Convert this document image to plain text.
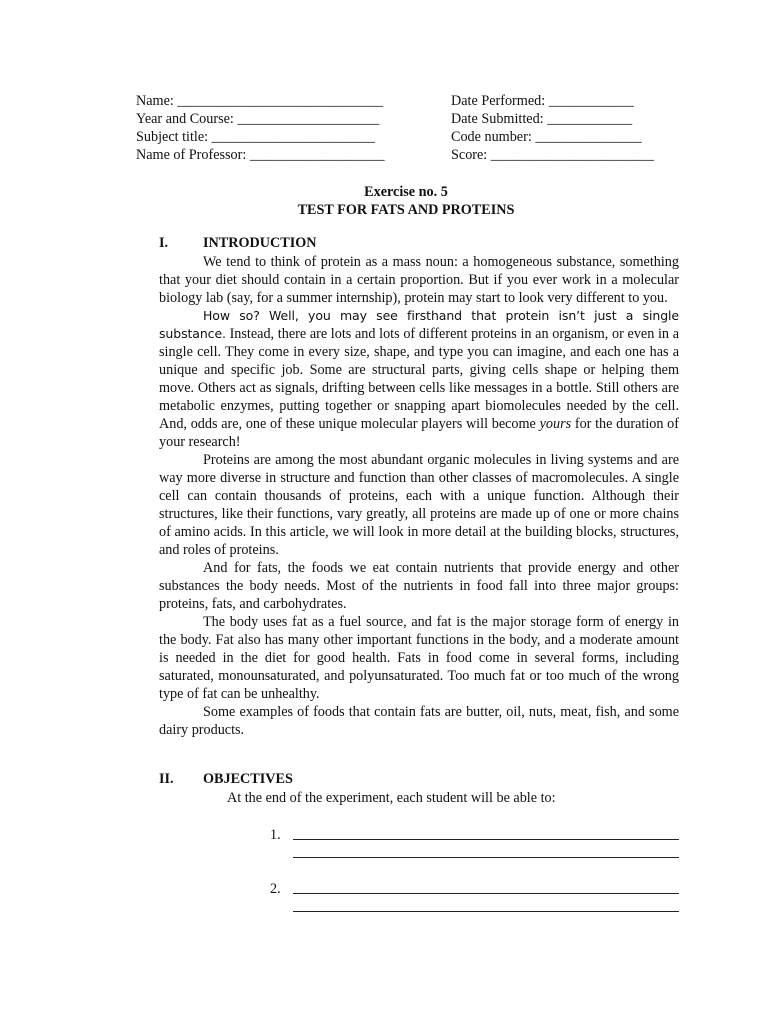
Name: _____________________________
Year and Course: ____________________
Subject title: _______________________
Name of Professor: ___________________
Date Performed: ____________
Date Submitted: ____________
Code number: _______________
Score: _______________________
Exercise no. 5
TEST FOR FATS AND PROTEINS
I. INTRODUCTION

We tend to think of protein as a mass noun: a homogeneous substance, something that your diet should contain in a certain proportion. But if you ever work in a molecular biology lab (say, for a summer internship), protein may start to look very different to you.

How so? Well, you may see firsthand that protein isn’t just a single substance. Instead, there are lots and lots of different proteins in an organism, or even in a single cell. They come in every size, shape, and type you can imagine, and each one has a unique and specific job. Some are structural parts, giving cells shape or helping them move. Others act as signals, drifting between cells like messages in a bottle. Still others are metabolic enzymes, putting together or snapping apart biomolecules needed by the cell. And, odds are, one of these unique molecular players will become yours for the duration of your research!

Proteins are among the most abundant organic molecules in living systems and are way more diverse in structure and function than other classes of macromolecules. A single cell can contain thousands of proteins, each with a unique function. Although their structures, like their functions, vary greatly, all proteins are made up of one or more chains of amino acids. In this article, we will look in more detail at the building blocks, structures, and roles of proteins.

And for fats, the foods we eat contain nutrients that provide energy and other substances the body needs. Most of the nutrients in food fall into three major groups: proteins, fats, and carbohydrates.

The body uses fat as a fuel source, and fat is the major storage form of energy in the body. Fat also has many other important functions in the body, and a moderate amount is needed in the diet for good health. Fats in food come in several forms, including saturated, monounsaturated, and polyunsaturated. Too much fat or too much of the wrong type of fat can be unhealthy.

Some examples of foods that contain fats are butter, oil, nuts, meat, fish, and some dairy products.

II. OBJECTIVES
At the end of the experiment, each student will be able to:
1.
2.
